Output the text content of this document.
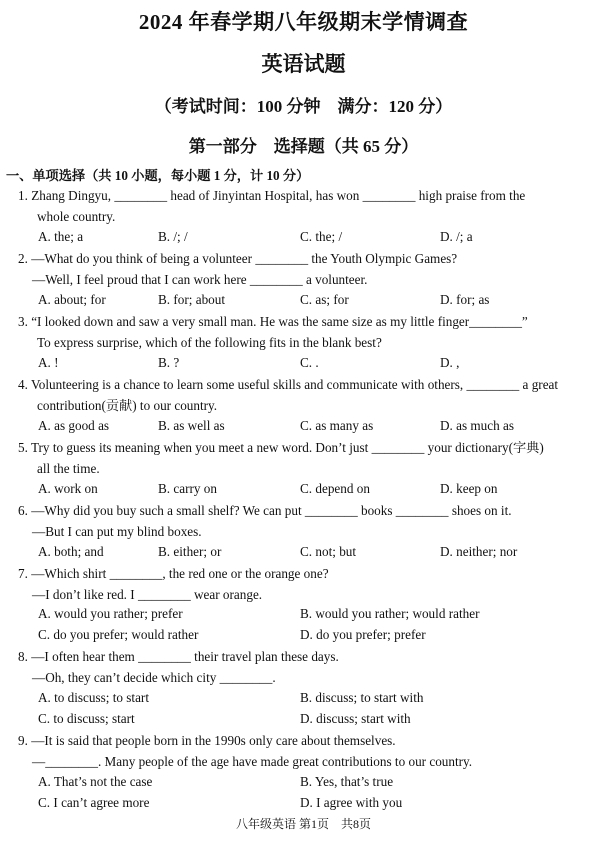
2024 年春学期八年级期末学情调查
英语试题
（考试时间：100 分钟　满分：120 分）
第一部分　选择题（共 65 分）
一、单项选择（共 10 小题，每小题 1 分，计 10 分）
1. Zhang Dingyu, ________ head of Jinyintan Hospital, has won ________ high praise from the
whole country.
A. the; a	B. /; /	C. the; /	D. /; a
2. —What do you think of being a volunteer ________ the Youth Olympic Games?
—Well, I feel proud that I can work here ________ a volunteer.
A. about; for	B. for; about	C. as; for	D. for; as
3. “I looked down and saw a very small man. He was the same size as my little finger________”
To express surprise, which of the following fits in the blank best?
A. !	B. ?	C. .	D. ,
4. Volunteering is a chance to learn some useful skills and communicate with others, ________ a great
contribution(贡献) to our country.
A. as good as	B. as well as	C. as many as	D. as much as
5. Try to guess its meaning when you meet a new word. Don’t just ________ your dictionary(字典)
all the time.
A. work on	B. carry on	C. depend on	D. keep on
6. —Why did you buy such a small shelf? We can put ________ books ________ shoes on it.
—But I can put my blind boxes.
A. both; and	B. either; or	C. not; but	D. neither; nor
7. —Which shirt ________, the red one or the orange one?
—I don’t like red. I ________ wear orange.
A. would you rather; prefer	B. would you rather; would rather
C. do you prefer; would rather	D. do you prefer; prefer
8. —I often hear them ________ their travel plan these days.
—Oh, they can’t decide which city ________.
A. to discuss; to start	B. discuss; to start with
C. to discuss; start	D. discuss; start with
9. —It is said that people born in the 1990s only care about themselves.
—________. Many people of the age have made great contributions to our country.
A. That’s not the case	B. Yes, that’s true
C. I can’t agree more	D. I agree with you
八年级英语 第1页　共8页
